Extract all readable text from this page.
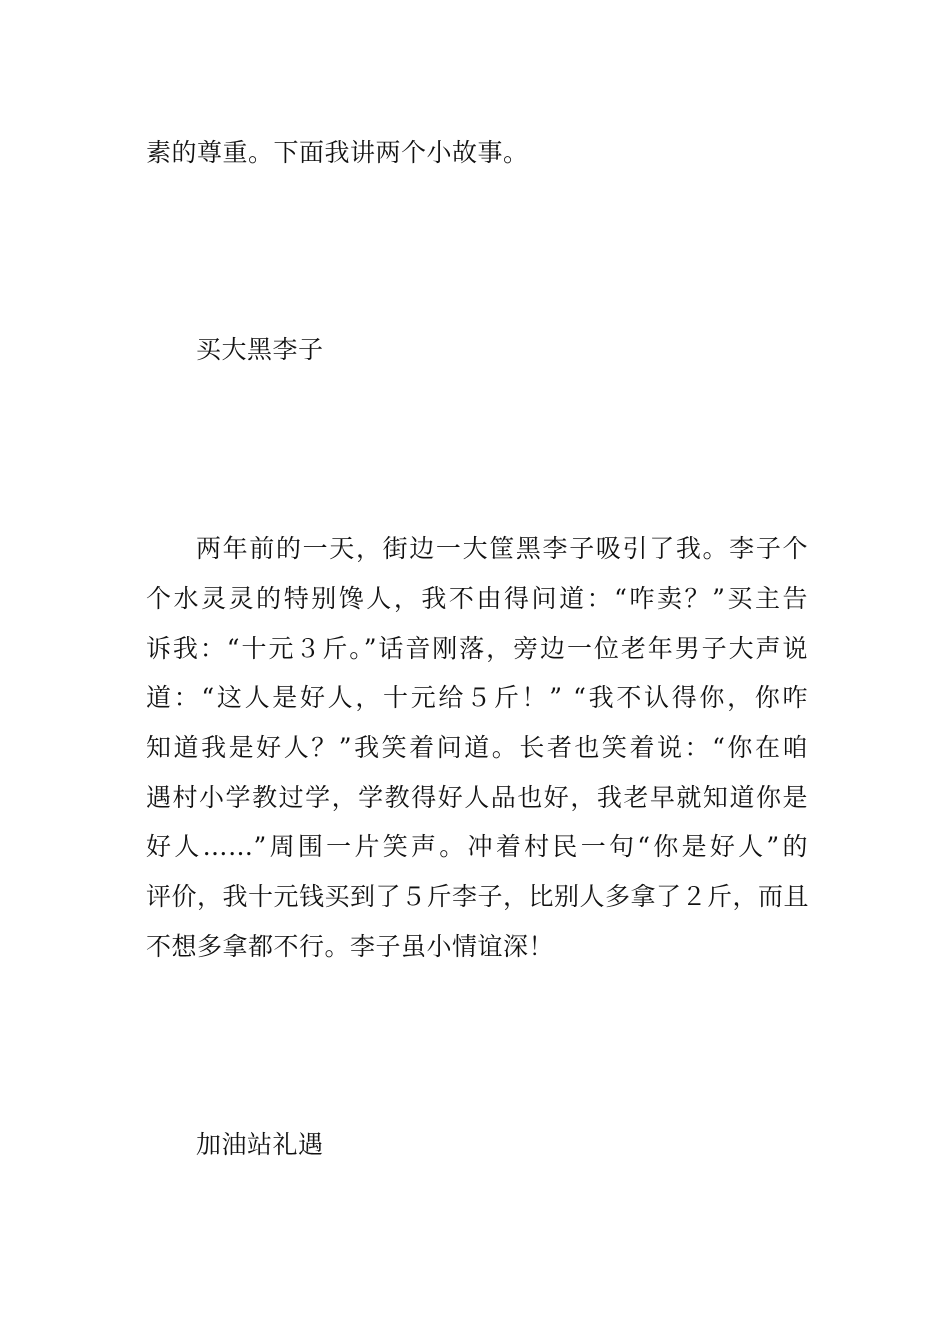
素的尊重。下面我讲两个小故事。
买大黑李子
两年前的一天，街边一大筐黑李子吸引了我。李子个
个水灵灵的特别馋人，我不由得问道：“咋卖？”买主告
诉我：“十元３斤。”话音刚落，旁边一位老年男子大声说
道：“这人是好人，十元给５斤！” “我不认得你，你咋
知道我是好人？”我笑着问道。长者也笑着说：“你在咱
遇村小学教过学，学教得好人品也好，我老早就知道你是
好人……”周围一片笑声。冲着村民一句“你是好人”的
评价，我十元钱买到了５斤李子，比别人多拿了２斤，而且
不想多拿都不行。李子虽小情谊深！
加油站礼遇
